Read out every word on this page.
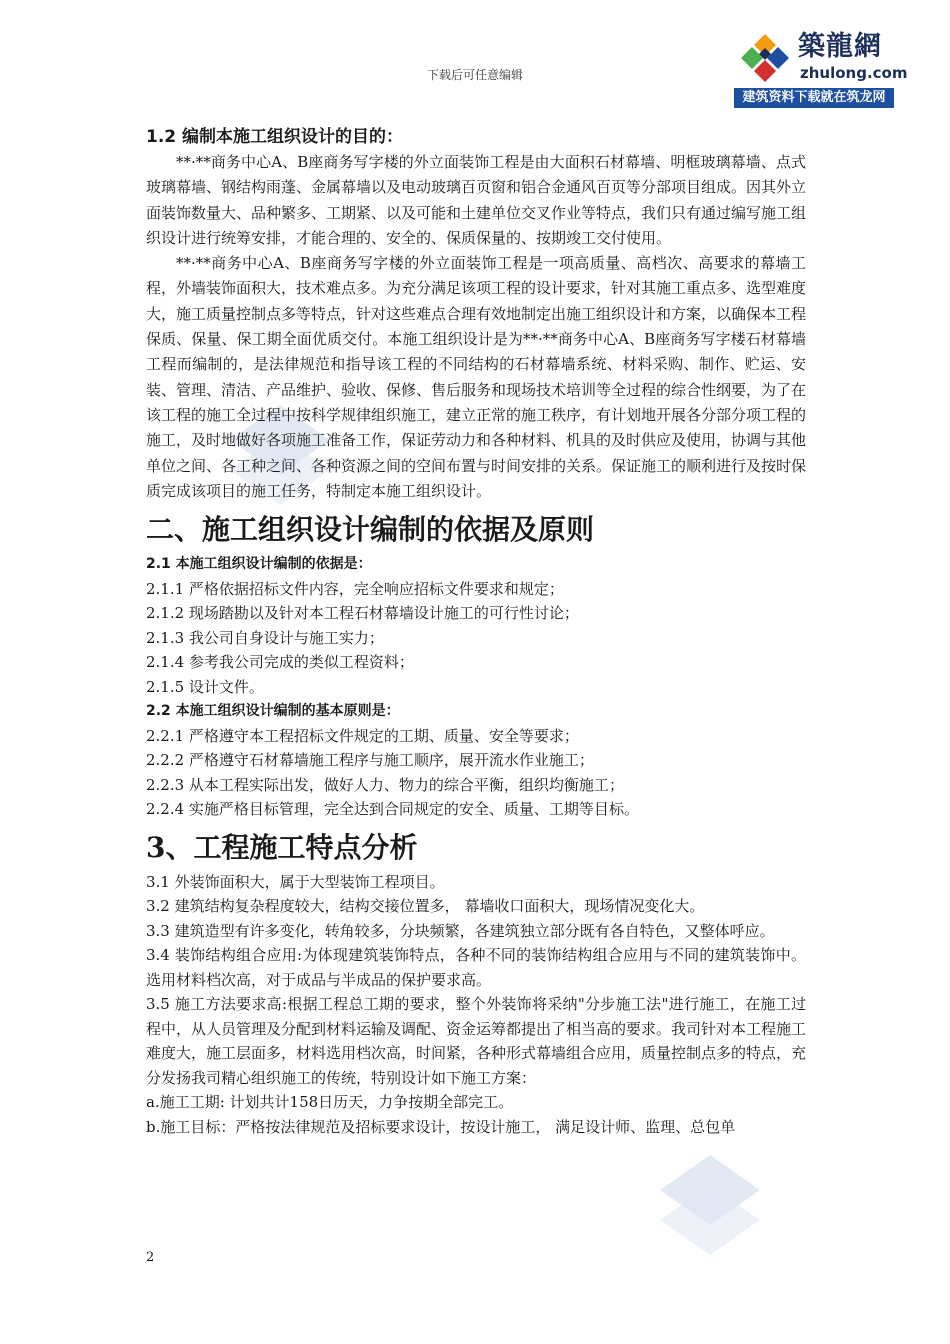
下载后可任意编辑
築龍網
zhulong.com
建筑资料下载就在筑龙网

1.2 编制本施工组织设计的目的：

**·**商务中心A、B座商务写字楼的外立面装饰工程是由大面积石材幕墙、明框玻璃幕墙、点式玻璃幕墙、钢结构雨蓬、金属幕墙以及电动玻璃百页窗和铝合金通风百页等分部项目组成。因其外立面装饰数量大、品种繁多、工期紧、以及可能和土建单位交叉作业等特点，我们只有通过编写施工组织设计进行统筹安排，才能合理的、安全的、保质保量的、按期竣工交付使用。

**·**商务中心A、B座商务写字楼的外立面装饰工程是一项高质量、高档次、高要求的幕墙工程，外墙装饰面积大，技术难点多。为充分满足该项工程的设计要求，针对其施工重点多、选型难度大，施工质量控制点多等特点，针对这些难点合理有效地制定出施工组织设计和方案，以确保本工程保质、保量、保工期全面优质交付。本施工组织设计是为**·**商务中心A、B座商务写字楼石材幕墙工程而编制的，是法律规范和指导该工程的不同结构的石材幕墙系统、材料采购、制作、贮运、安装、管理、清洁、产品维护、验收、保修、售后服务和现场技术培训等全过程的综合性纲要，为了在该工程的施工全过程中按科学规律组织施工，建立正常的施工秩序，有计划地开展各分部分项工程的施工，及时地做好各项施工准备工作，保证劳动力和各种材料、机具的及时供应及使用，协调与其他单位之间、各工种之间、各种资源之间的空间布置与时间安排的关系。保证施工的顺利进行及按时保质完成该项目的施工任务，特制定本施工组织设计。

二、施工组织设计编制的依据及原则

2.1 本施工组织设计编制的依据是：

2.1.1 严格依据招标文件内容，完全响应招标文件要求和规定；

2.1.2 现场踏勘以及针对本工程石材幕墙设计施工的可行性讨论；

2.1.3 我公司自身设计与施工实力；

2.1.4 参考我公司完成的类似工程资料；

2.1.5 设计文件。

2.2 本施工组织设计编制的基本原则是：

2.2.1 严格遵守本工程招标文件规定的工期、质量、安全等要求；

2.2.2 严格遵守石材幕墙施工程序与施工顺序，展开流水作业施工；

2.2.3 从本工程实际出发，做好人力、物力的综合平衡，组织均衡施工；

2.2.4 实施严格目标管理，完全达到合同规定的安全、质量、工期等目标。

3、工程施工特点分析

3.1 外装饰面积大，属于大型装饰工程项目。

3.2 建筑结构复杂程度较大，结构交接位置多， 幕墙收口面积大，现场情况变化大。

3.3 建筑造型有许多变化，转角较多，分块频繁，各建筑独立部分既有各自特色，又整体呼应。

3.4 装饰结构组合应用:为体现建筑装饰特点，各种不同的装饰结构组合应用与不同的建筑装饰中。选用材料档次高，对于成品与半成品的保护要求高。

3.5 施工方法要求高:根据工程总工期的要求，整个外装饰将采纳"分步施工法"进行施工，在施工过程中，从人员管理及分配到材料运输及调配、资金运筹都提出了相当高的要求。我司针对本工程施工难度大，施工层面多，材料选用档次高，时间紧，各种形式幕墙组合应用，质量控制点多的特点，充分发扬我司精心组织施工的传统，特别设计如下施工方案：

a.施工工期: 计划共计158日历天，力争按期全部完工。

b.施工目标：严格按法律规范及招标要求设计，按设计施工， 满足设计师、监理、总包单

2
